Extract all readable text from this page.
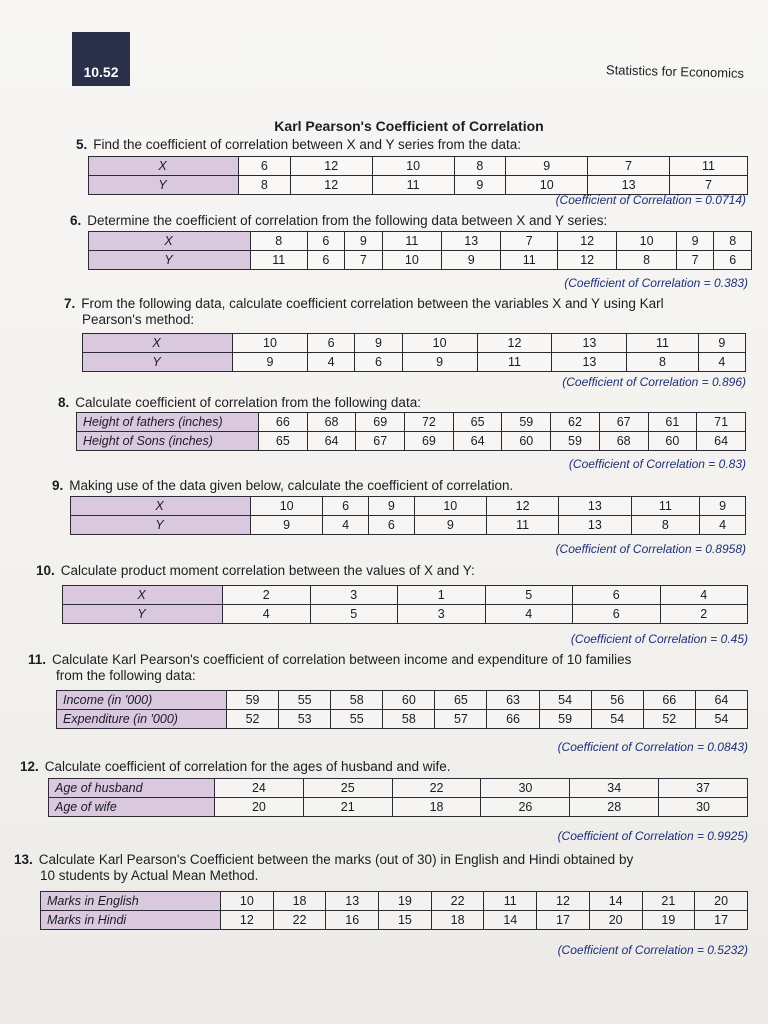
10.52	Statistics for Economics
Karl Pearson's Coefficient of Correlation
5. Find the coefficient of correlation between X and Y series from the data:
X	6	12	10	8	9	7	11
Y	8	12	11	9	10	13	7
(Coefficient of Correlation = 0.0714)
6. Determine the coefficient of correlation from the following data between X and Y series:
X	8	6	9	11	13	7	12	10	9	8
Y	11	6	7	10	9	11	12	8	7	6
(Coefficient of Correlation = 0.383)
7. From the following data, calculate coefficient correlation between the variables X and Y using Karl
Pearson's method:
X	10	6	9	10	12	13	11	9
Y	9	4	6	9	11	13	8	4
(Coefficient of Correlation = 0.896)
8. Calculate coefficient of correlation from the following data:
Height of fathers (inches)	66	68	69	72	65	59	62	67	61	71
Height of Sons (inches)	65	64	67	69	64	60	59	68	60	64
(Coefficient of Correlation = 0.83)
9. Making use of the data given below, calculate the coefficient of correlation.
X	10	6	9	10	12	13	11	9
Y	9	4	6	9	11	13	8	4
(Coefficient of Correlation = 0.8958)
10. Calculate product moment correlation between the values of X and Y:
X	2	3	1	5	6	4
Y	4	5	3	4	6	2
(Coefficient of Correlation = 0.45)
11. Calculate Karl Pearson's coefficient of correlation between income and expenditure of 10 families
from the following data:
Income (in '000)	59	55	58	60	65	63	54	56	66	64
Expenditure (in '000)	52	53	55	58	57	66	59	54	52	54
(Coefficient of Correlation = 0.0843)
12. Calculate coefficient of correlation for the ages of husband and wife.
Age of husband	24	25	22	30	34	37
Age of wife	20	21	18	26	28	30
(Coefficient of Correlation = 0.9925)
13. Calculate Karl Pearson's Coefficient between the marks (out of 30) in English and Hindi obtained by
10 students by Actual Mean Method.
Marks in English	10	18	13	19	22	11	12	14	21	20
Marks in Hindi	12	22	16	15	18	14	17	20	19	17
(Coefficient of Correlation = 0.5232)
